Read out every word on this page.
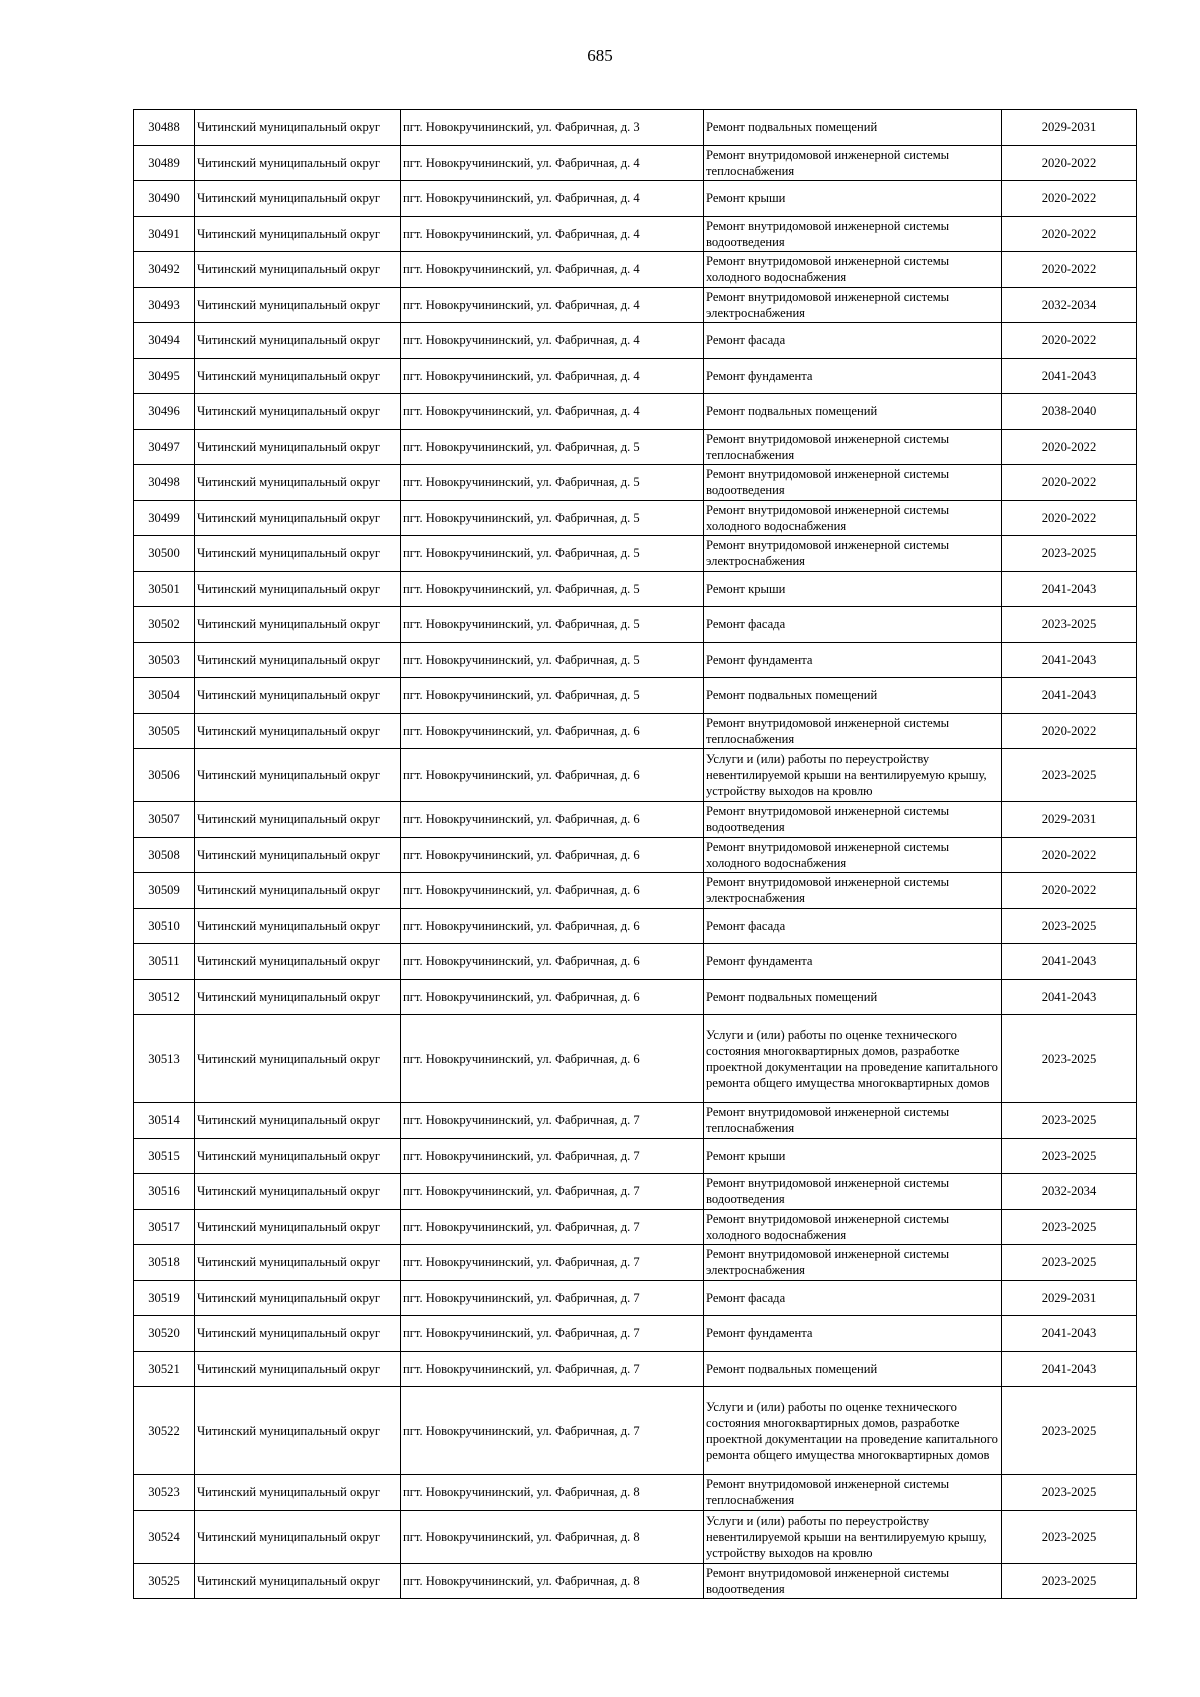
685
30488	Читинский муниципальный округ	пгт. Новокручининский, ул. Фабричная, д. 3	Ремонт подвальных помещений	2029-2031
30489	Читинский муниципальный округ	пгт. Новокручининский, ул. Фабричная, д. 4	Ремонт внутридомовой инженерной системы теплоснабжения	2020-2022
30490	Читинский муниципальный округ	пгт. Новокручининский, ул. Фабричная, д. 4	Ремонт крыши	2020-2022
30491	Читинский муниципальный округ	пгт. Новокручининский, ул. Фабричная, д. 4	Ремонт внутридомовой инженерной системы водоотведения	2020-2022
30492	Читинский муниципальный округ	пгт. Новокручининский, ул. Фабричная, д. 4	Ремонт внутридомовой инженерной системы холодного водоснабжения	2020-2022
30493	Читинский муниципальный округ	пгт. Новокручининский, ул. Фабричная, д. 4	Ремонт внутридомовой инженерной системы электроснабжения	2032-2034
30494	Читинский муниципальный округ	пгт. Новокручининский, ул. Фабричная, д. 4	Ремонт фасада	2020-2022
30495	Читинский муниципальный округ	пгт. Новокручининский, ул. Фабричная, д. 4	Ремонт фундамента	2041-2043
30496	Читинский муниципальный округ	пгт. Новокручининский, ул. Фабричная, д. 4	Ремонт подвальных помещений	2038-2040
30497	Читинский муниципальный округ	пгт. Новокручининский, ул. Фабричная, д. 5	Ремонт внутридомовой инженерной системы теплоснабжения	2020-2022
30498	Читинский муниципальный округ	пгт. Новокручининский, ул. Фабричная, д. 5	Ремонт внутридомовой инженерной системы водоотведения	2020-2022
30499	Читинский муниципальный округ	пгт. Новокручининский, ул. Фабричная, д. 5	Ремонт внутридомовой инженерной системы холодного водоснабжения	2020-2022
30500	Читинский муниципальный округ	пгт. Новокручининский, ул. Фабричная, д. 5	Ремонт внутридомовой инженерной системы электроснабжения	2023-2025
30501	Читинский муниципальный округ	пгт. Новокручининский, ул. Фабричная, д. 5	Ремонт крыши	2041-2043
30502	Читинский муниципальный округ	пгт. Новокручининский, ул. Фабричная, д. 5	Ремонт фасада	2023-2025
30503	Читинский муниципальный округ	пгт. Новокручининский, ул. Фабричная, д. 5	Ремонт фундамента	2041-2043
30504	Читинский муниципальный округ	пгт. Новокручининский, ул. Фабричная, д. 5	Ремонт подвальных помещений	2041-2043
30505	Читинский муниципальный округ	пгт. Новокручининский, ул. Фабричная, д. 6	Ремонт внутридомовой инженерной системы теплоснабжения	2020-2022
30506	Читинский муниципальный округ	пгт. Новокручининский, ул. Фабричная, д. 6	Услуги и (или) работы по переустройству невентилируемой крыши на вентилируемую крышу, устройству выходов на кровлю	2023-2025
30507	Читинский муниципальный округ	пгт. Новокручининский, ул. Фабричная, д. 6	Ремонт внутридомовой инженерной системы водоотведения	2029-2031
30508	Читинский муниципальный округ	пгт. Новокручининский, ул. Фабричная, д. 6	Ремонт внутридомовой инженерной системы холодного водоснабжения	2020-2022
30509	Читинский муниципальный округ	пгт. Новокручининский, ул. Фабричная, д. 6	Ремонт внутридомовой инженерной системы электроснабжения	2020-2022
30510	Читинский муниципальный округ	пгт. Новокручининский, ул. Фабричная, д. 6	Ремонт фасада	2023-2025
30511	Читинский муниципальный округ	пгт. Новокручининский, ул. Фабричная, д. 6	Ремонт фундамента	2041-2043
30512	Читинский муниципальный округ	пгт. Новокручининский, ул. Фабричная, д. 6	Ремонт подвальных помещений	2041-2043
30513	Читинский муниципальный округ	пгт. Новокручининский, ул. Фабричная, д. 6	Услуги и (или) работы по оценке технического состояния многоквартирных домов, разработке проектной документации на проведение капитального ремонта общего имущества многоквартирных домов	2023-2025
30514	Читинский муниципальный округ	пгт. Новокручининский, ул. Фабричная, д. 7	Ремонт внутридомовой инженерной системы теплоснабжения	2023-2025
30515	Читинский муниципальный округ	пгт. Новокручининский, ул. Фабричная, д. 7	Ремонт крыши	2023-2025
30516	Читинский муниципальный округ	пгт. Новокручининский, ул. Фабричная, д. 7	Ремонт внутридомовой инженерной системы водоотведения	2032-2034
30517	Читинский муниципальный округ	пгт. Новокручининский, ул. Фабричная, д. 7	Ремонт внутридомовой инженерной системы холодного водоснабжения	2023-2025
30518	Читинский муниципальный округ	пгт. Новокручининский, ул. Фабричная, д. 7	Ремонт внутридомовой инженерной системы электроснабжения	2023-2025
30519	Читинский муниципальный округ	пгт. Новокручининский, ул. Фабричная, д. 7	Ремонт фасада	2029-2031
30520	Читинский муниципальный округ	пгт. Новокручининский, ул. Фабричная, д. 7	Ремонт фундамента	2041-2043
30521	Читинский муниципальный округ	пгт. Новокручининский, ул. Фабричная, д. 7	Ремонт подвальных помещений	2041-2043
30522	Читинский муниципальный округ	пгт. Новокручининский, ул. Фабричная, д. 7	Услуги и (или) работы по оценке технического состояния многоквартирных домов, разработке проектной документации на проведение капитального ремонта общего имущества многоквартирных домов	2023-2025
30523	Читинский муниципальный округ	пгт. Новокручининский, ул. Фабричная, д. 8	Ремонт внутридомовой инженерной системы теплоснабжения	2023-2025
30524	Читинский муниципальный округ	пгт. Новокручининский, ул. Фабричная, д. 8	Услуги и (или) работы по переустройству невентилируемой крыши на вентилируемую крышу, устройству выходов на кровлю	2023-2025
30525	Читинский муниципальный округ	пгт. Новокручининский, ул. Фабричная, д. 8	Ремонт внутридомовой инженерной системы водоотведения	2023-2025
